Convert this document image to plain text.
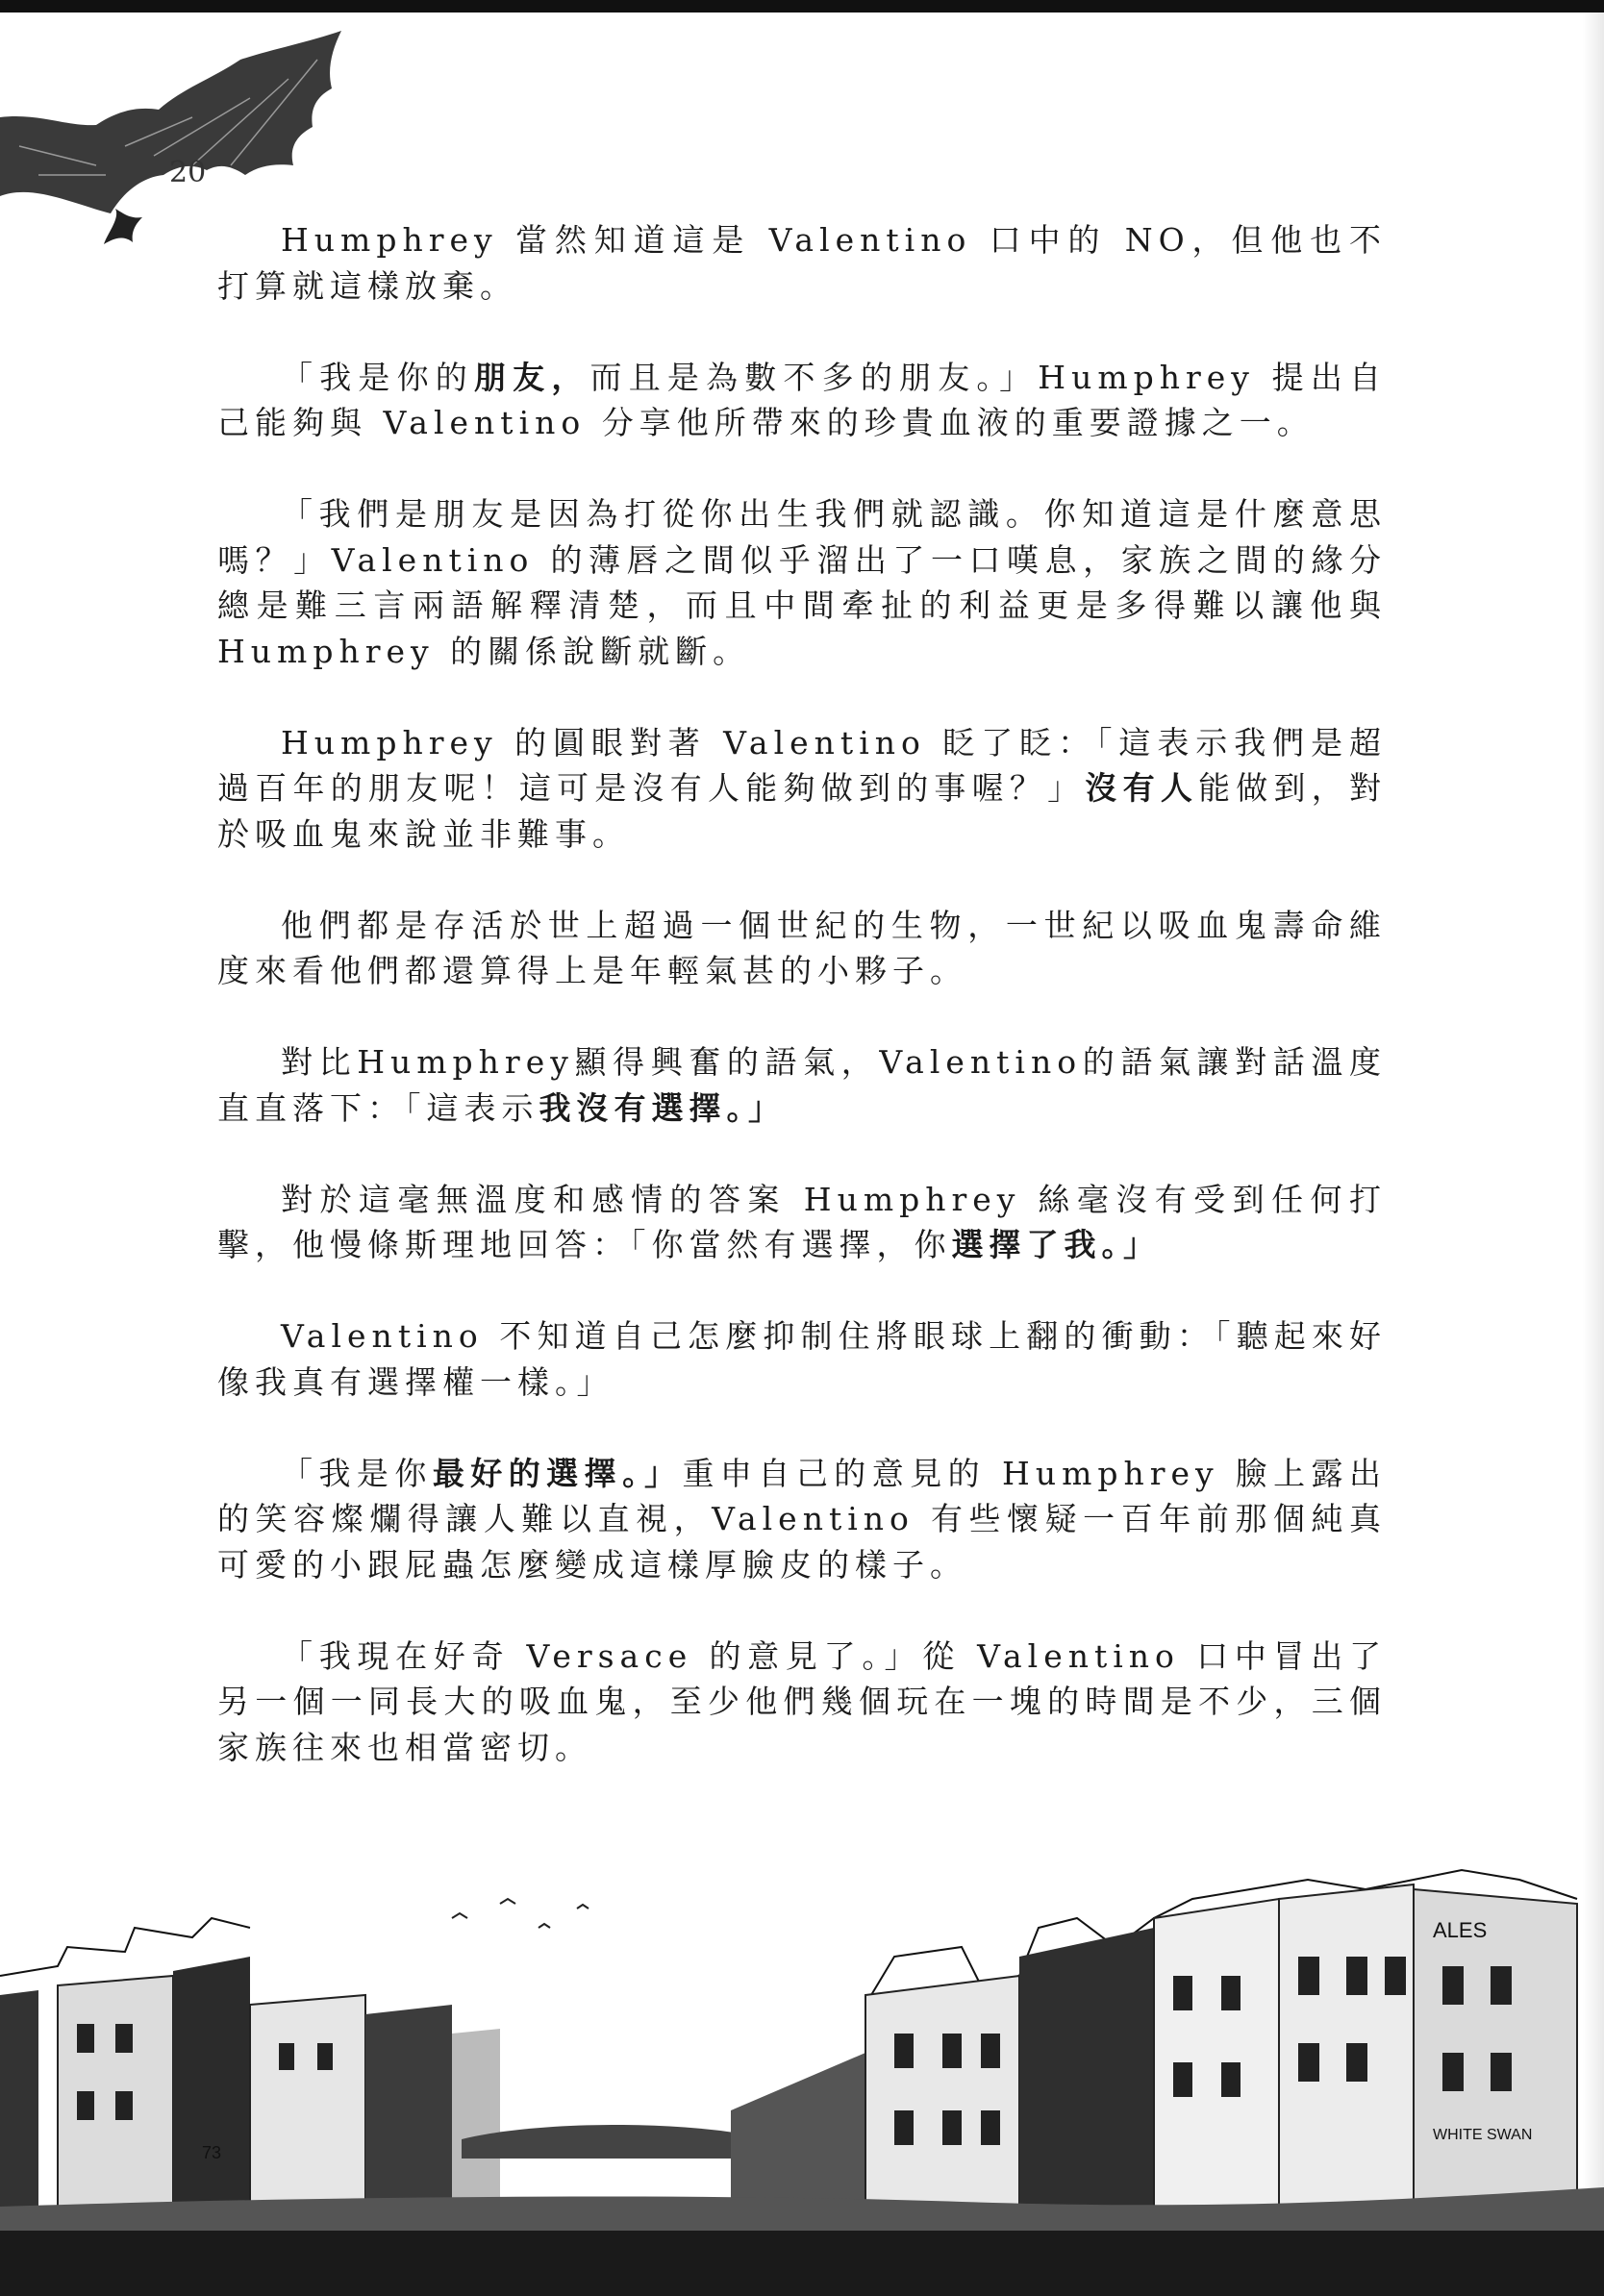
20

Humphrey 當然知道這是 Valentino 口中的 NO，但他也不打算就這樣放棄。

「我是你的朋友，而且是為數不多的朋友。」Humphrey 提出自己能夠與 Valentino 分享他所帶來的珍貴血液的重要證據之一。

「我們是朋友是因為打從你出生我們就認識。你知道這是什麼意思嗎？」Valentino 的薄唇之間似乎溜出了一口嘆息，家族之間的緣分總是難三言兩語解釋清楚，而且中間牽扯的利益更是多得難以讓他與 Humphrey 的關係說斷就斷。

Humphrey 的圓眼對著 Valentino 眨了眨：「這表示我們是超過百年的朋友呢！這可是沒有人能夠做到的事喔？」沒有人能做到，對於吸血鬼來說並非難事。

他們都是存活於世上超過一個世紀的生物，一世紀以吸血鬼壽命維度來看他們都還算得上是年輕氣甚的小夥子。

對比Humphrey顯得興奮的語氣，Valentino的語氣讓對話溫度直直落下：「這表示我沒有選擇。」

對於這毫無溫度和感情的答案 Humphrey 絲毫沒有受到任何打擊，他慢條斯理地回答：「你當然有選擇，你選擇了我。」

Valentino 不知道自己怎麼抑制住將眼球上翻的衝動：「聽起來好像我真有選擇權一樣。」

「我是你最好的選擇。」重申自己的意見的 Humphrey 臉上露出的笑容燦爛得讓人難以直視，Valentino 有些懷疑一百年前那個純真可愛的小跟屁蟲怎麼變成這樣厚臉皮的樣子。

「我現在好奇 Versace 的意見了。」從 Valentino 口中冒出了另一個一同長大的吸血鬼，至少他們幾個玩在一塊的時間是不少，三個家族往來也相當密切。

ALES
WHITE SWAN
73
